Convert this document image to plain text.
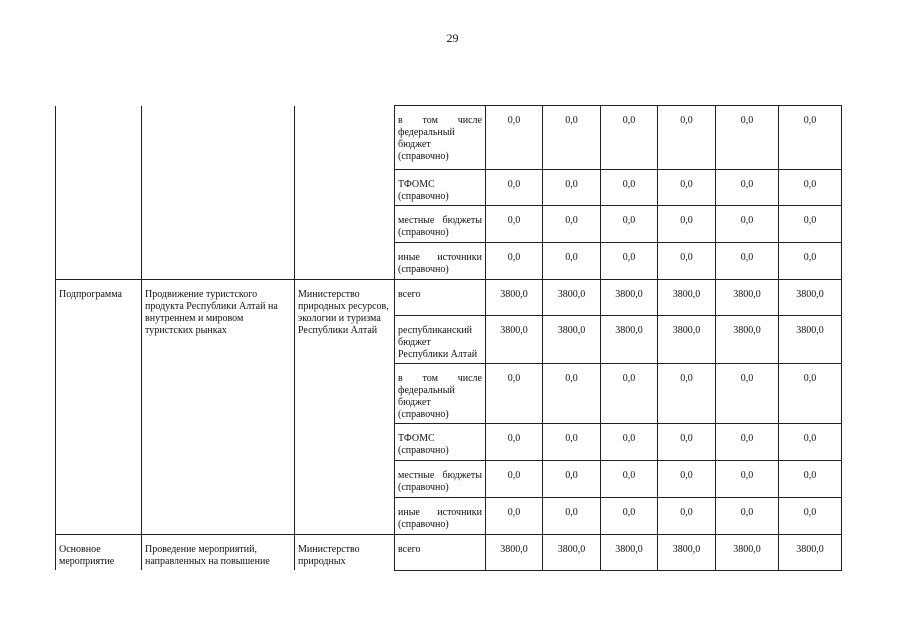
29
			в том числе федеральный бюджет (справочно)	0,0	0,0	0,0	0,0	0,0	0,0
			ТФОМС (справочно)	0,0	0,0	0,0	0,0	0,0	0,0
			местные бюджеты (справочно)	0,0	0,0	0,0	0,0	0,0	0,0
			иные источники (справочно)	0,0	0,0	0,0	0,0	0,0	0,0
Подпрограмма	Продвижение туристского продукта Республики Алтай на внутреннем и мировом туристских рынках	Министерство природных ресурсов, экологии и туризма Республики Алтай	всего	3800,0	3800,0	3800,0	3800,0	3800,0	3800,0
			республиканский бюджет Республики Алтай	3800,0	3800,0	3800,0	3800,0	3800,0	3800,0
			в том числе федеральный бюджет (справочно)	0,0	0,0	0,0	0,0	0,0	0,0
			ТФОМС (справочно)	0,0	0,0	0,0	0,0	0,0	0,0
			местные бюджеты (справочно)	0,0	0,0	0,0	0,0	0,0	0,0
			иные источники (справочно)	0,0	0,0	0,0	0,0	0,0	0,0
Основное мероприятие	Проведение мероприятий, направленных на повышение	Министерство природных	всего	3800,0	3800,0	3800,0	3800,0	3800,0	3800,0
